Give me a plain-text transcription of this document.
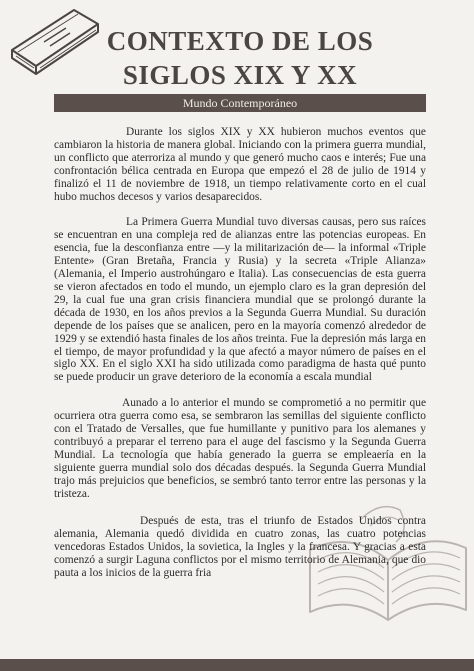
CONTEXTO DE LOS SIGLOS XIX Y XX
Mundo Contemporáneo

Durante los siglos XIX y XX hubieron muchos eventos que cambiaron la historia de manera global. Iniciando con la primera guerra mundial, un conflicto que aterroriza al mundo y que generó mucho caos e interés; Fue una confrontación bélica centrada en Europa que empezó el 28 de julio de 1914 y finalizó el 11 de noviembre de 1918, un tiempo relativamente corto en el cual hubo muchos decesos y varios desaparecidos.

La Primera Guerra Mundial tuvo diversas causas, pero sus raíces se encuentran en una compleja red de alianzas entre las potencias europeas. En esencia, fue la desconfianza entre —y la militarización de— la informal «Triple Entente» (Gran Bretaña, Francia y Rusia) y la secreta «Triple Alianza» (Alemania, el Imperio austrohúngaro e Italia). Las consecuencias de esta guerra se vieron afectados en todo el mundo, un ejemplo claro es la gran depresión del 29, la cual fue una gran crisis financiera mundial que se prolongó durante la década de 1930, en los años previos a la Segunda Guerra Mundial. Su duración depende de los países que se analicen, pero en la mayoría comenzó alrededor de 1929 y se extendió hasta finales de los años treinta. Fue la depresión más larga en el tiempo, de mayor profundidad y la que afectó a mayor número de países en el siglo XX. En el siglo XXI ha sido utilizada como paradigma de hasta qué punto se puede producir un grave deterioro de la economía a escala mundial

Aunado a lo anterior el mundo se comprometió a no permitir que ocurriera otra guerra como esa, se sembraron las semillas del siguiente conflicto con el Tratado de Versalles, que fue humillante y punitivo para los alemanes y contribuyó a preparar el terreno para el auge del fascismo y la Segunda Guerra Mundial. La tecnología que había generado la guerra se empleaería en la siguiente guerra mundial solo dos décadas después. la Segunda Guerra Mundial trajo más prejuicios que beneficios, se sembró tanto terror entre las personas y la tristeza.

Después de esta, tras el triunfo de Estados Unidos contra alemania, Alemania quedó dividida en cuatro zonas, las cuatro potencias vencedoras Estados Unidos, la sovietica, la Ingles y la francesa. Y gracias a esta comenzó a surgir Laguna conflictos por el mismo territorio de Alemania, que dio pauta a los inicios de la guerra fria
